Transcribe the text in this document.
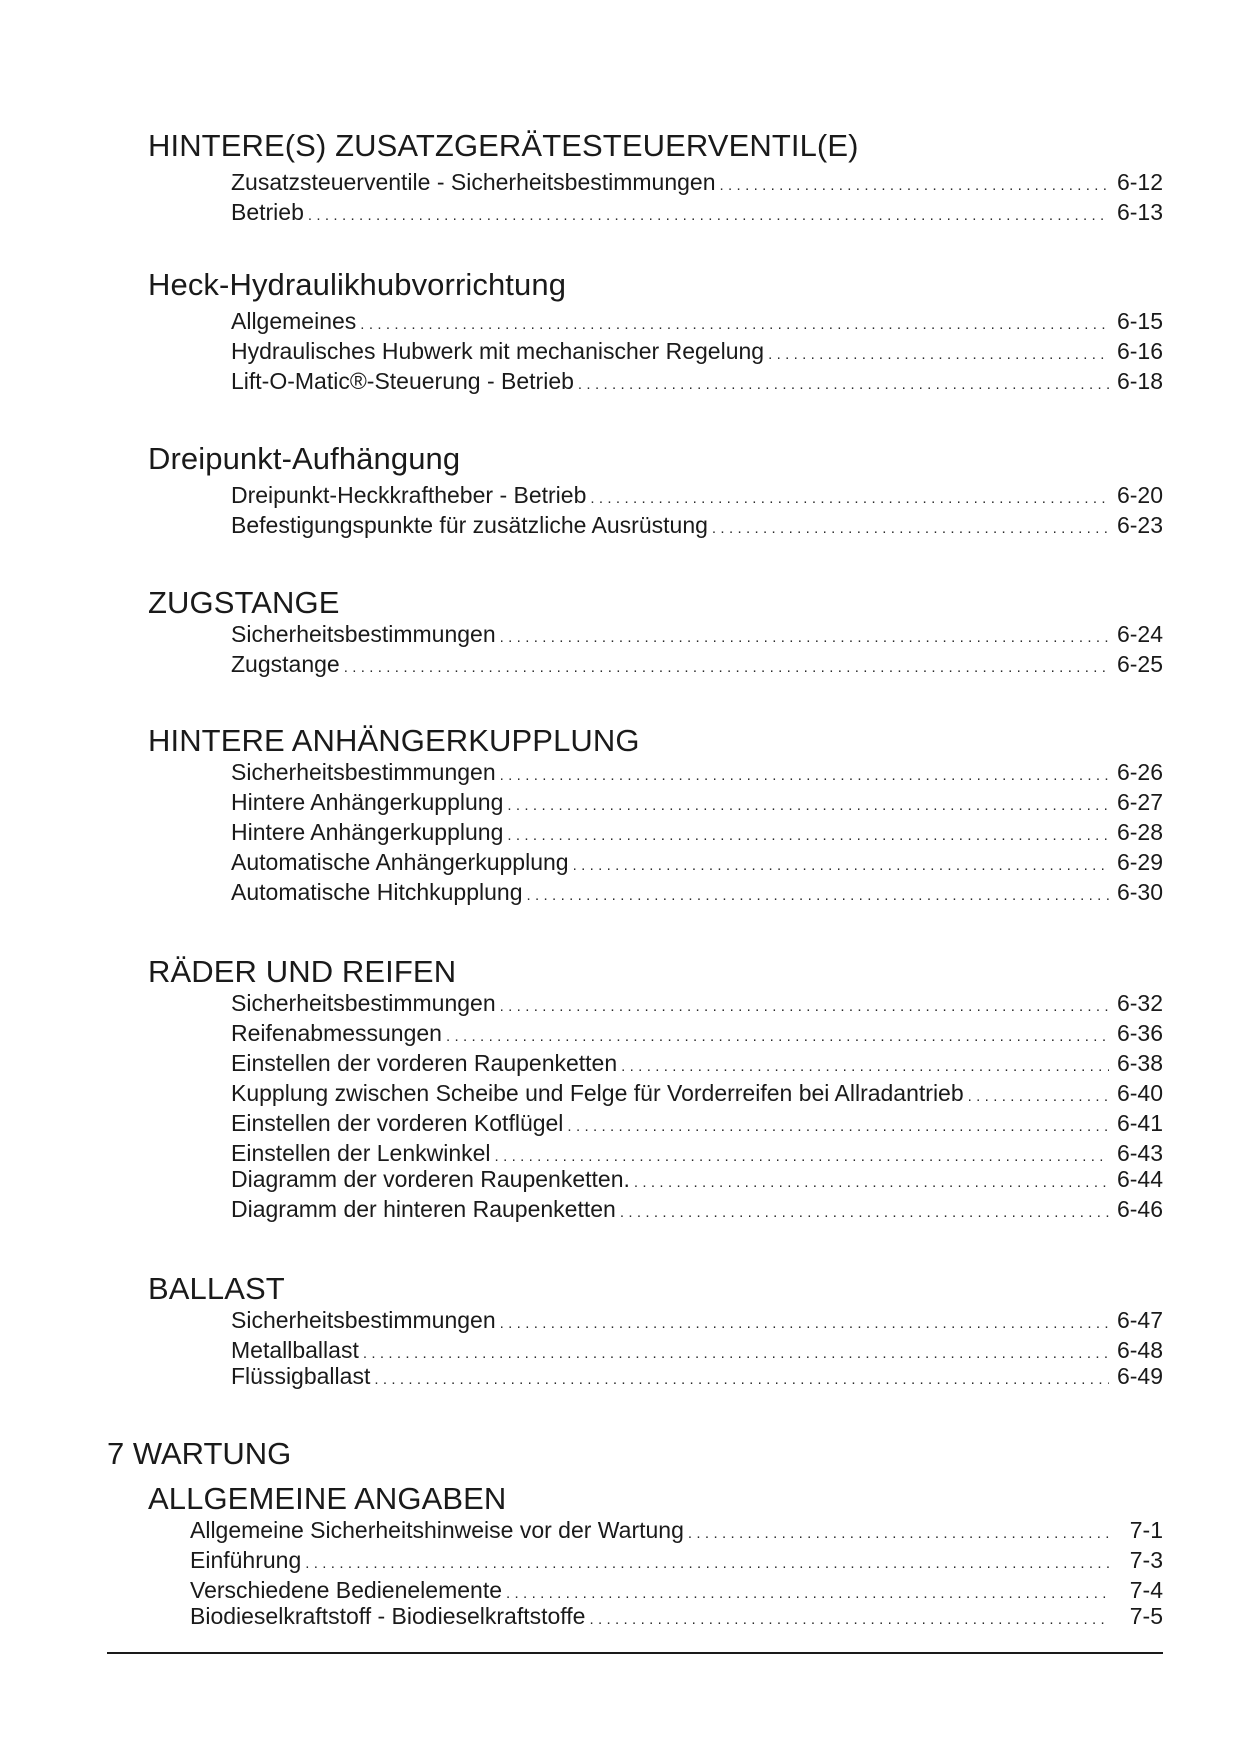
HINTERE(S) ZUSATZGERÄTESTEUERVENTIL(E)
Zusatzsteuerventile - Sicherheitsbestimmungen .....	6-12
Betrieb .....	6-13
Heck-Hydraulikhubvorrichtung
Allgemeines .....	6-15
Hydraulisches Hubwerk mit mechanischer Regelung .....	6-16
Lift-O-Matic®-Steuerung - Betrieb .....	6-18
Dreipunkt-Aufhängung
Dreipunkt-Heckkraftheber - Betrieb .....	6-20
Befestigungspunkte für zusätzliche Ausrüstung .....	6-23
ZUGSTANGE
Sicherheitsbestimmungen .....	6-24
Zugstange .....	6-25
HINTERE ANHÄNGERKUPPLUNG
Sicherheitsbestimmungen .....	6-26
Hintere Anhängerkupplung .....	6-27
Hintere Anhängerkupplung .....	6-28
Automatische Anhängerkupplung .....	6-29
Automatische Hitchkupplung .....	6-30
RÄDER UND REIFEN
Sicherheitsbestimmungen .....	6-32
Reifenabmessungen .....	6-36
Einstellen der vorderen Raupenketten .....	6-38
Kupplung zwischen Scheibe und Felge für Vorderreifen bei Allradantrieb .....	6-40
Einstellen der vorderen Kotflügel .....	6-41
Einstellen der Lenkwinkel .....	6-43
Diagramm der vorderen Raupenketten. .....	6-44
Diagramm der hinteren Raupenketten .....	6-46
BALLAST
Sicherheitsbestimmungen .....	6-47
Metallballast .....	6-48
Flüssigballast .....	6-49
7 WARTUNG
ALLGEMEINE ANGABEN
Allgemeine Sicherheitshinweise vor der Wartung .....	7-1
Einführung .....	7-3
Verschiedene Bedienelemente .....	7-4
Biodieselkraftstoff - Biodieselkraftstoffe .....	7-5
